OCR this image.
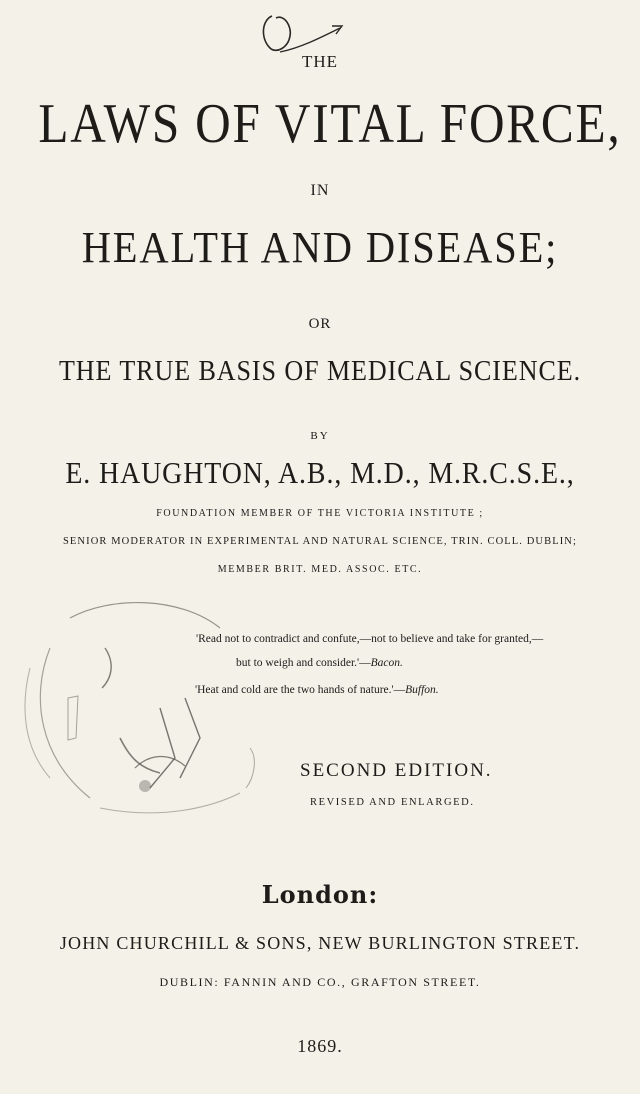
THE
LAWS OF VITAL FORCE,
IN
HEALTH AND DISEASE;
OR
THE TRUE BASIS OF MEDICAL SCIENCE.
BY
E. HAUGHTON, A.B., M.D., M.R.C.S.E.,
FOUNDATION MEMBER OF THE VICTORIA INSTITUTE ;
SENIOR MODERATOR IN EXPERIMENTAL AND NATURAL SCIENCE, TRIN. COLL. DUBLIN;
MEMBER BRIT. MED. ASSOC. ETC.
'Read not to contradict and confute,—not to believe and take for granted,—
but to weigh and consider.'—Bacon.
'Heat and cold are the two hands of nature.'—Buffon.
SECOND EDITION.
REVISED AND ENLARGED.
London:
JOHN CHURCHILL & SONS, NEW BURLINGTON STREET.
DUBLIN: FANNIN AND CO., GRAFTON STREET.
1869.
